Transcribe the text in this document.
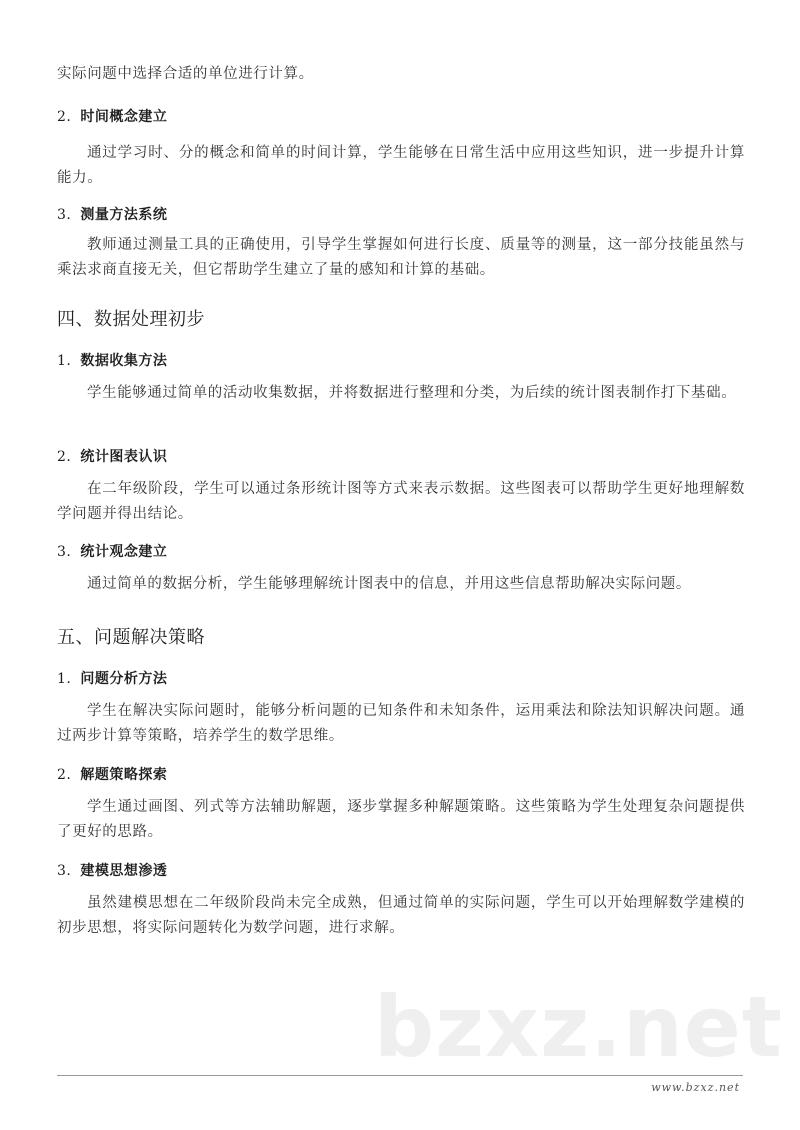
实际问题中选择合适的单位进行计算。
2. 时间概念建立
通过学习时、分的概念和简单的时间计算，学生能够在日常生活中应用这些知识，进一步提升计算能力。
3. 测量方法系统
教师通过测量工具的正确使用，引导学生掌握如何进行长度、质量等的测量，这一部分技能虽然与乘法求商直接无关，但它帮助学生建立了量的感知和计算的基础。
四、数据处理初步
1. 数据收集方法
学生能够通过简单的活动收集数据，并将数据进行整理和分类，为后续的统计图表制作打下基础。
2. 统计图表认识
在二年级阶段，学生可以通过条形统计图等方式来表示数据。这些图表可以帮助学生更好地理解数学问题并得出结论。
3. 统计观念建立
通过简单的数据分析，学生能够理解统计图表中的信息，并用这些信息帮助解决实际问题。
五、问题解决策略
1. 问题分析方法
学生在解决实际问题时，能够分析问题的已知条件和未知条件，运用乘法和除法知识解决问题。通过两步计算等策略，培养学生的数学思维。
2. 解题策略探索
学生通过画图、列式等方法辅助解题，逐步掌握多种解题策略。这些策略为学生处理复杂问题提供了更好的思路。
3. 建模思想渗透
虽然建模思想在二年级阶段尚未完全成熟，但通过简单的实际问题，学生可以开始理解数学建模的初步思想，将实际问题转化为数学问题，进行求解。
bzxz.net
www.bzxz.net
